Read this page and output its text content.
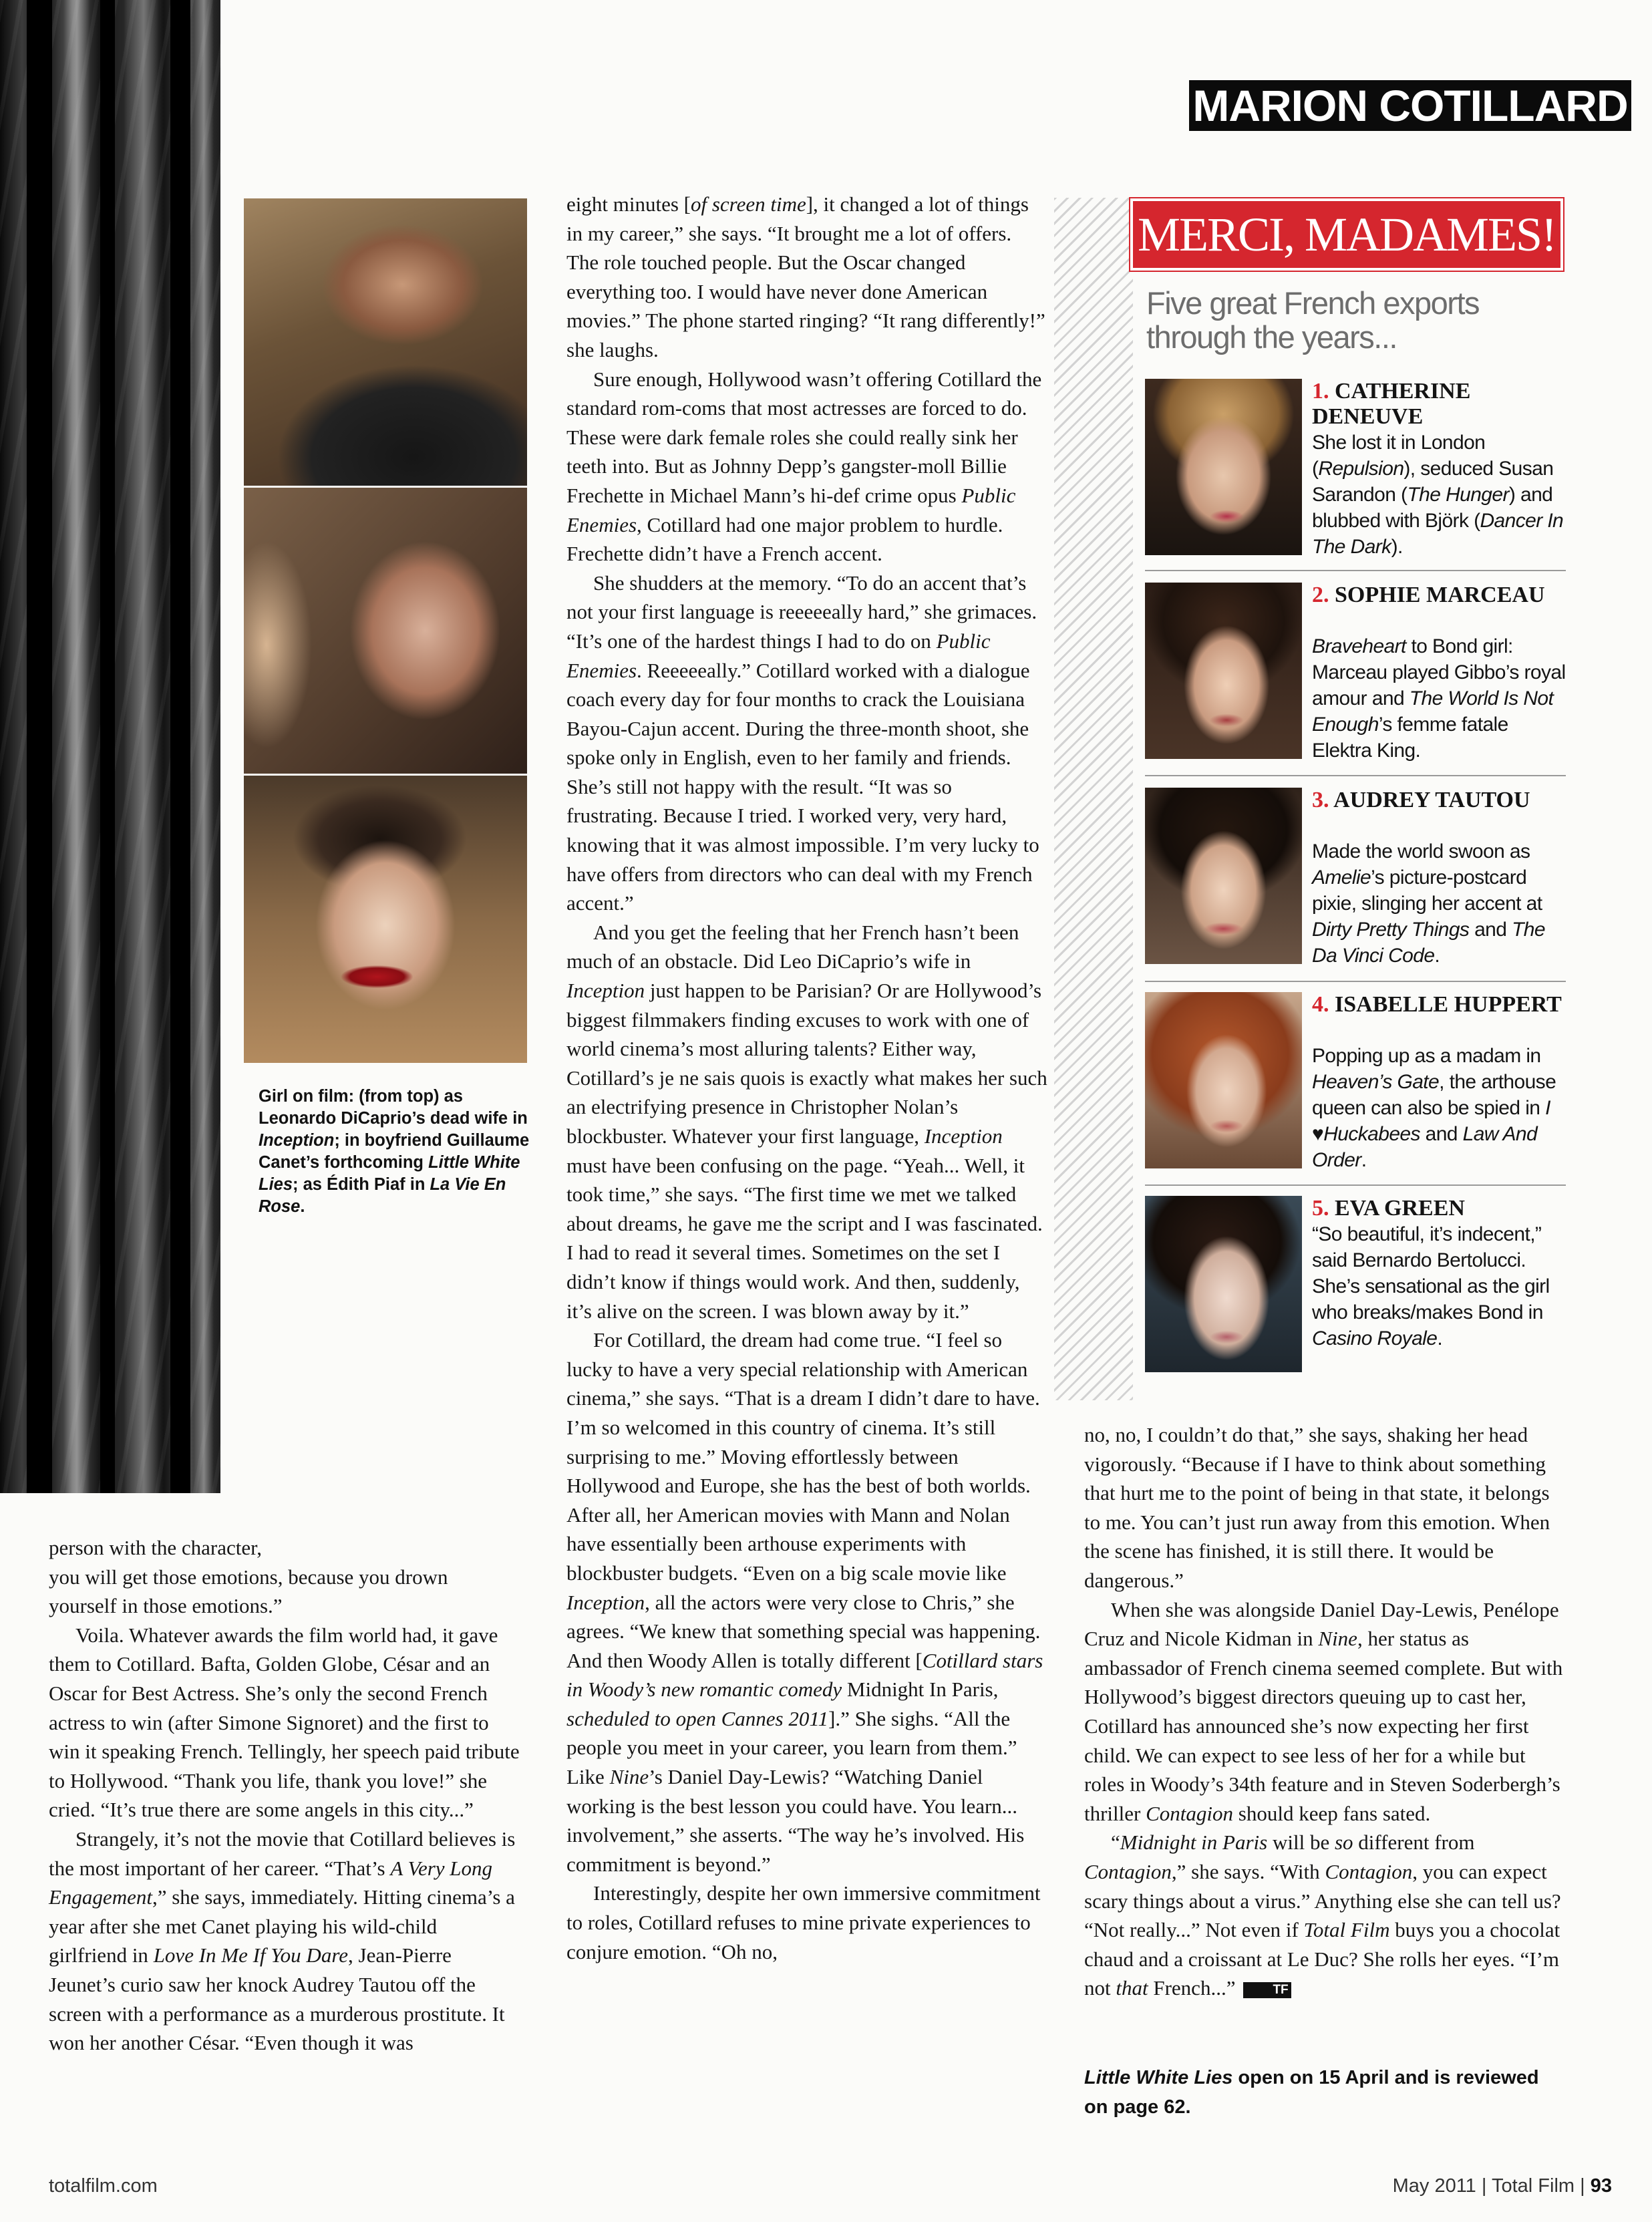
MARION COTILLARD
Girl on film: (from top) as Leonardo DiCaprio’s dead wife in Inception; in boyfriend Guillaume Canet’s forthcoming Little White Lies; as Édith Piaf in La Vie En Rose.

person with the character,
you will get those emotions, because you drown yourself in those emotions.”

Voila. Whatever awards the film world had, it gave them to Cotillard. Bafta, Golden Globe, César and an Oscar for Best Actress. She’s only the second French actress to win (after Simone Signoret) and the first to win it speaking French. Tellingly, her speech paid tribute to Hollywood. “Thank you life, thank you love!” she cried. “It’s true there are some angels in this city...”

Strangely, it’s not the movie that Cotillard believes is the most important of her career. “That’s A Very Long Engagement,” she says, immediately. Hitting cinema’s a year after she met Canet playing his wild-child girlfriend in Love In Me If You Dare, Jean-Pierre Jeunet’s curio saw her knock Audrey Tautou off the screen with a performance as a murderous prostitute. It won her another César. “Even though it was

eight minutes [of screen time], it changed a lot of things in my career,” she says. “It brought me a lot of offers. The role touched people. But the Oscar changed everything too. I would have never done American movies.” The phone started ringing? “It rang differently!” she laughs.

Sure enough, Hollywood wasn’t offering Cotillard the standard rom-coms that most actresses are forced to do. These were dark female roles she could really sink her teeth into. But as Johnny Depp’s gangster-moll Billie Frechette in Michael Mann’s hi-def crime opus Public Enemies, Cotillard had one major problem to hurdle. Frechette didn’t have a French accent.

She shudders at the memory. “To do an accent that’s not your first language is reeeeeally hard,” she grimaces. “It’s one of the hardest things I had to do on Public Enemies. Reeeeeally.” Cotillard worked with a dialogue coach every day for four months to crack the Louisiana Bayou-Cajun accent. During the three-month shoot, she spoke only in English, even to her family and friends. She’s still not happy with the result. “It was so frustrating. Because I tried. I worked very, very hard, knowing that it was almost impossible. I’m very lucky to have offers from directors who can deal with my French accent.”

And you get the feeling that her French hasn’t been much of an obstacle. Did Leo DiCaprio’s wife in Inception just happen to be Parisian? Or are Hollywood’s biggest filmmakers finding excuses to work with one of world cinema’s most alluring talents? Either way, Cotillard’s je ne sais quois is exactly what makes her such an electrifying presence in Christopher Nolan’s blockbuster. Whatever your first language, Inception must have been confusing on the page. “Yeah... Well, it took time,” she says. “The first time we met we talked about dreams, he gave me the script and I was fascinated. I had to read it several times. Sometimes on the set I didn’t know if things would work. And then, suddenly, it’s alive on the screen. I was blown away by it.”

For Cotillard, the dream had come true. “I feel so lucky to have a very special relationship with American cinema,” she says. “That is a dream I didn’t dare to have. I’m so welcomed in this country of cinema. It’s still surprising to me.” Moving effortlessly between Hollywood and Europe, she has the best of both worlds. After all, her American movies with Mann and Nolan have essentially been arthouse experiments with blockbuster budgets. “Even on a big scale movie like Inception, all the actors were very close to Chris,” she agrees. “We knew that something special was happening. And then Woody Allen is totally different [Cotillard stars in Woody’s new romantic comedy Midnight In Paris, scheduled to open Cannes 2011].” She sighs. “All the people you meet in your career, you learn from them.” Like Nine’s Daniel Day-Lewis? “Watching Daniel working is the best lesson you could have. You learn... involvement,” she asserts. “The way he’s involved. His commitment is beyond.”

Interestingly, despite her own immersive commitment to roles, Cotillard refuses to mine private experiences to conjure emotion. “Oh no,

no, no, I couldn’t do that,” she says, shaking her head vigorously. “Because if I have to think about something that hurt me to the point of being in that state, it belongs to me. You can’t just run away from this emotion. When the scene has finished, it is still there. It would be dangerous.”

When she was alongside Daniel Day-Lewis, Penélope Cruz and Nicole Kidman in Nine, her status as ambassador of French cinema seemed complete. But with Hollywood’s biggest directors queuing up to cast her, Cotillard has announced she’s now expecting her first child. We can expect to see less of her for a while but roles in Woody’s 34th feature and in Steven Soderbergh’s thriller Contagion should keep fans sated.

“Midnight in Paris will be so different from Contagion,” she says. “With Contagion, you can expect scary things about a virus.” Anything else she can tell us? “Not really...” Not even if Total Film buys you a chocolat chaud and a croissant at Le Duc? She rolls her eyes. “I’m not that French...”	TF

Little White Lies open on 15 April and is reviewed on page 62.
MERCI, MADAMES!
Five great French exports through the years...
1. CATHERINE DENEUVE
She lost it in London (Repulsion), seduced Susan Sarandon (The Hunger) and blubbed with Björk (Dancer In The Dark).
2. SOPHIE MARCEAU
Braveheart to Bond girl: Marceau played Gibbo’s royal amour and The World Is Not Enough’s femme fatale Elektra King.
3. AUDREY TAUTOU
Made the world swoon as Amelie’s picture-postcard pixie, slinging her accent at Dirty Pretty Things and The Da Vinci Code.
4. ISABELLE HUPPERT
Popping up as a madam in Heaven’s Gate, the arthouse queen can also be spied in I ♥Huckabees and Law And Order.
5. EVA GREEN
“So beautiful, it’s indecent,” said Bernardo Bertolucci. She’s sensational as the girl who breaks/makes Bond in Casino Royale.
totalfilm.com	May 2011 | Total Film | 93
